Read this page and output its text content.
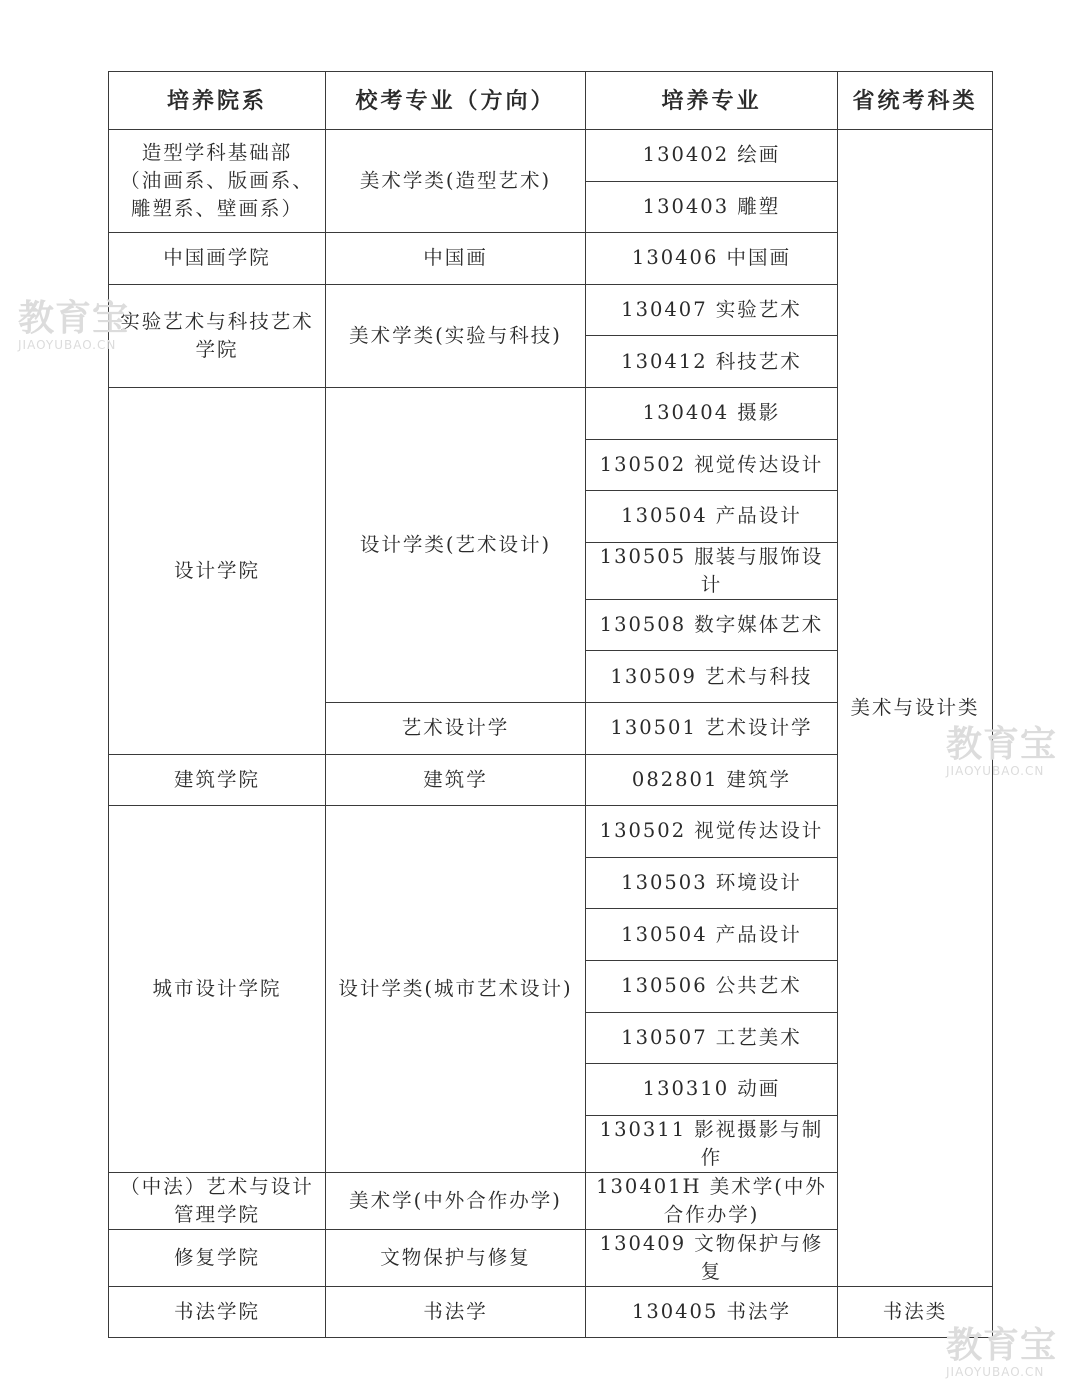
培养院系	校考专业（方向）	培养专业	省统考科类
造型学科基础部
（油画系、版画系、
雕塑系、壁画系）	美术学类(造型艺术)	130402 绘画	美术与设计类
		130403 雕塑	
中国画学院	中国画	130406 中国画	
实验艺术与科技艺术
学院	美术学类(实验与科技)	130407 实验艺术	
		130412 科技艺术	
设计学院	设计学类(艺术设计)	130404 摄影	
		130502 视觉传达设计	
		130504 产品设计	
		130505 服装与服饰设计	
		130508 数字媒体艺术	
		130509 艺术与科技	
	艺术设计学	130501 艺术设计学	
建筑学院	建筑学	082801 建筑学	
城市设计学院	设计学类(城市艺术设计)	130502 视觉传达设计	
		130503 环境设计	
		130504 产品设计	
		130506 公共艺术	
		130507 工艺美术	
		130310 动画	
		130311 影视摄影与制作	
（中法）艺术与设计
管理学院	美术学(中外合作办学)	130401H 美术学(中外
合作办学)	
修复学院	文物保护与修复	130409 文物保护与修复	
书法学院	书法学	130405 书法学	书法类
教育宝
JIAOYUBAO.CN
教育宝
JIAOYUBAO.CN
教育宝
JIAOYUBAO.CN
